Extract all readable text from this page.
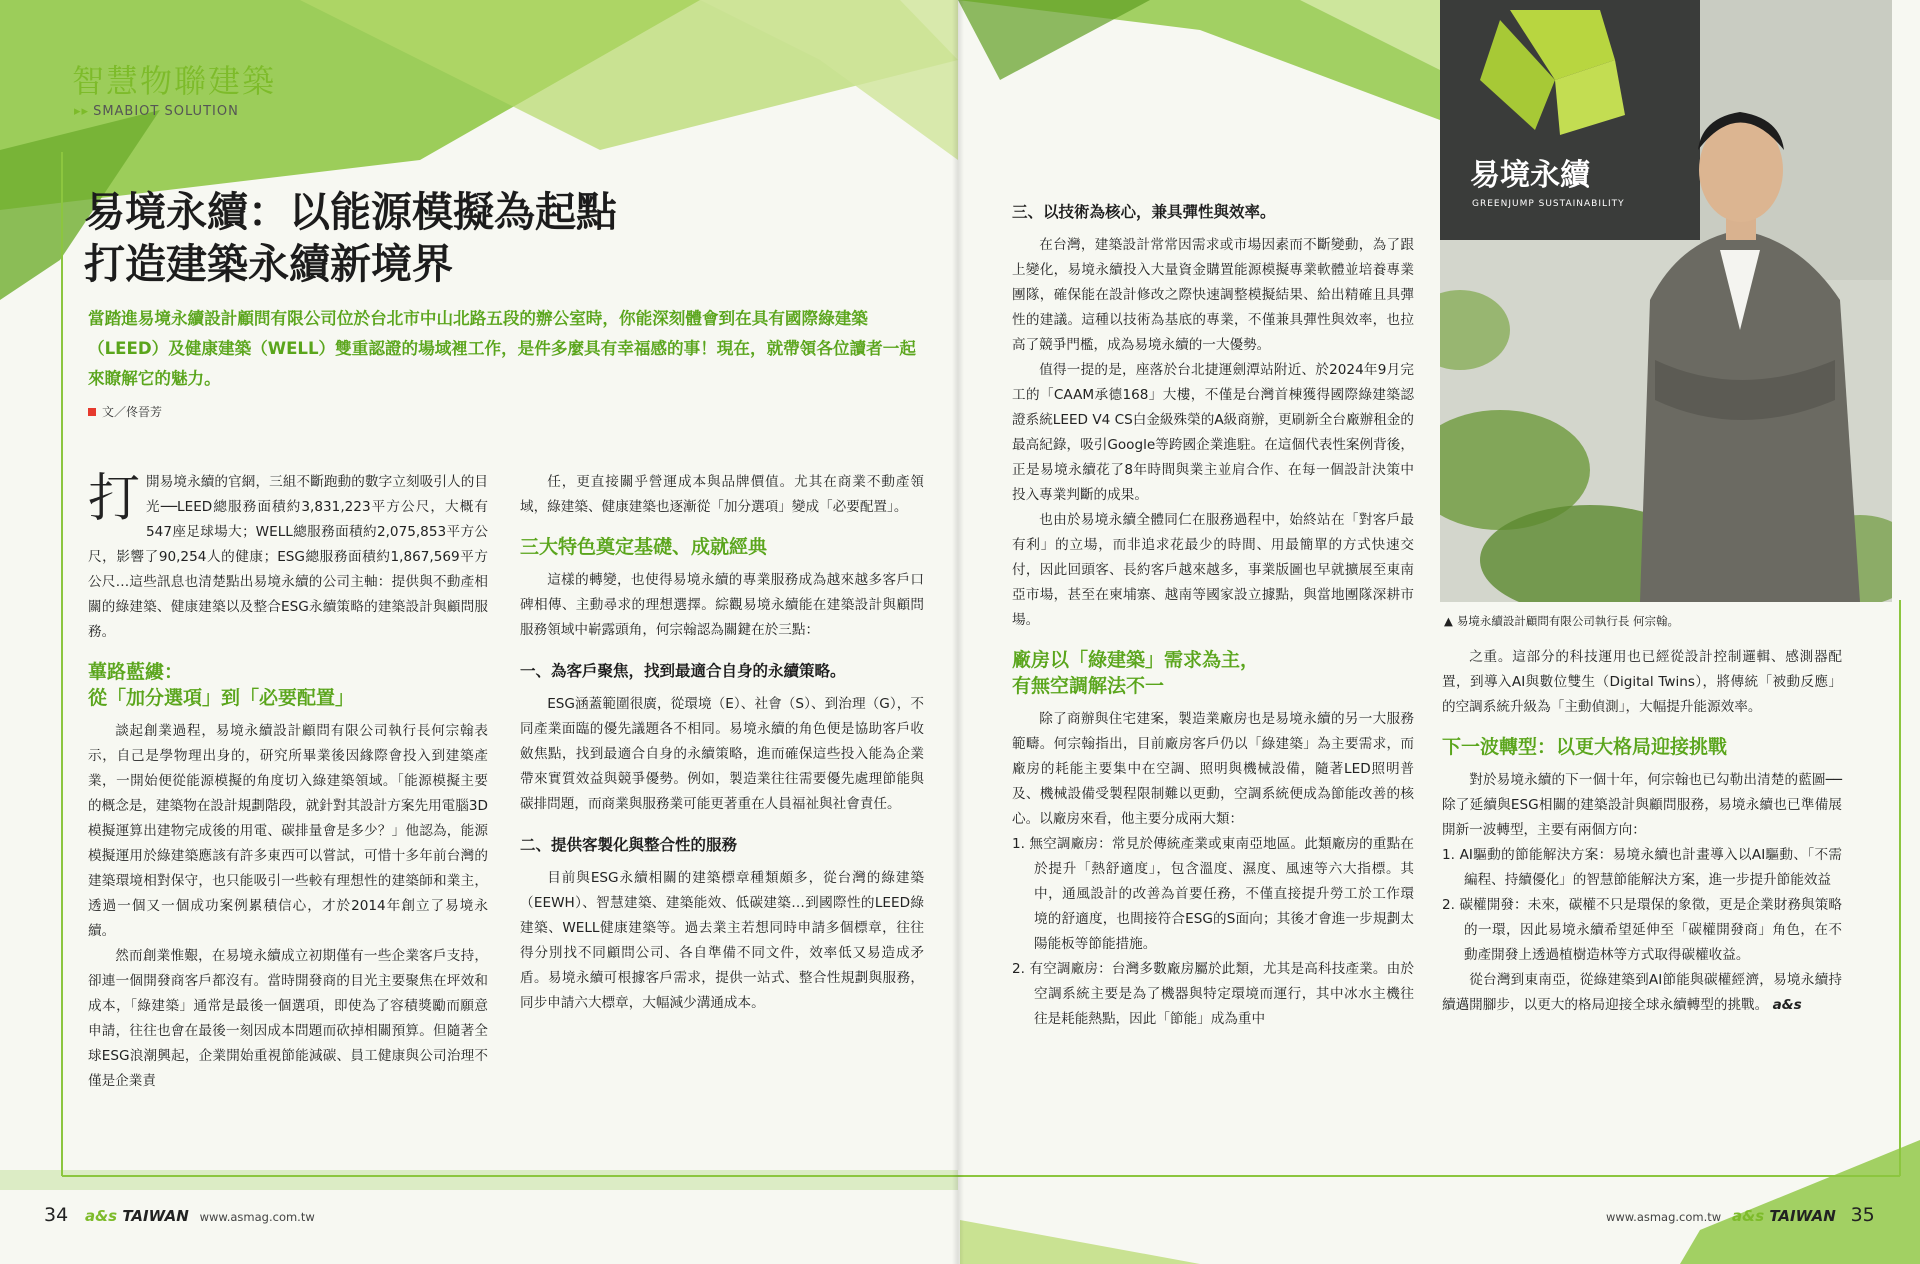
智慧物聯建築
▸▸ SMABIOT SOLUTION
易境永續：以能源模擬為起點
打造建築永續新境界

當踏進易境永續設計顧問有限公司位於台北市中山北路五段的辦公室時，你能深刻體會到在具有國際綠建築（LEED）及健康建築（WELL）雙重認證的場域裡工作，是件多麼具有幸福感的事！現在，就帶領各位讀者一起來瞭解它的魅力。

文／佟晉芳

打開易境永續的官網，三組不斷跑動的數字立刻吸引人的目光──LEED總服務面積約3,831,223平方公尺，大概有547座足球場大；WELL總服務面積約2,075,853平方公尺，影響了90,254人的健康；ESG總服務面積約1,867,569平方公尺…這些訊息也清楚點出易境永續的公司主軸：提供與不動產相關的綠建築、健康建築以及整合ESG永續策略的建築設計與顧問服務。

蓽路藍縷：
從「加分選項」到「必要配置」

談起創業過程，易境永續設計顧問有限公司執行長何宗翰表示，自己是學物理出身的，研究所畢業後因緣際會投入到建築產業，一開始便從能源模擬的角度切入綠建築領域。「能源模擬主要的概念是，建築物在設計規劃階段，就針對其設計方案先用電腦3D模擬運算出建物完成後的用電、碳排量會是多少？」他認為，能源模擬運用於綠建築應該有許多東西可以嘗試，可惜十多年前台灣的建築環境相對保守，也只能吸引一些較有理想性的建築師和業主，透過一個又一個成功案例累積信心，才於2014年創立了易境永續。

然而創業惟艱，在易境永續成立初期僅有一些企業客戶支持，卻連一個開發商客戶都沒有。當時開發商的目光主要聚焦在坪效和成本，「綠建築」通常是最後一個選項，即使為了容積獎勵而願意申請，往往也會在最後一刻因成本問題而砍掉相關預算。但隨著全球ESG浪潮興起，企業開始重視節能減碳、員工健康與公司治理不僅是企業責

任，更直接關乎營運成本與品牌價值。尤其在商業不動產領域，綠建築、健康建築也逐漸從「加分選項」變成「必要配置」。

三大特色奠定基礎、成就經典

這樣的轉變，也使得易境永續的專業服務成為越來越多客戶口碑相傳、主動尋求的理想選擇。綜觀易境永續能在建築設計與顧問服務領域中嶄露頭角，何宗翰認為關鍵在於三點：

一、為客戶聚焦，找到最適合自身的永續策略。

ESG涵蓋範圍很廣，從環境（E）、社會（S）、到治理（G），不同產業面臨的優先議題各不相同。易境永續的角色便是協助客戶收斂焦點，找到最適合自身的永續策略，進而確保這些投入能為企業帶來實質效益與競爭優勢。例如，製造業往往需要優先處理節能與碳排問題，而商業與服務業可能更著重在人員福祉與社會責任。

二、提供客製化與整合性的服務

目前與ESG永續相關的建築標章種類頗多，從台灣的綠建築（EEWH）、智慧建築、建築能效、低碳建築…到國際性的LEED綠建築、WELL健康建築等。過去業主若想同時申請多個標章，往往得分別找不同顧問公司、各自準備不同文件，效率低又易造成矛盾。易境永續可根據客戶需求，提供一站式、整合性規劃與服務，同步申請六大標章，大幅減少溝通成本。

三、以技術為核心，兼具彈性與效率。

在台灣，建築設計常常因需求或市場因素而不斷變動，為了跟上變化，易境永續投入大量資金購置能源模擬專業軟體並培養專業團隊，確保能在設計修改之際快速調整模擬結果、給出精確且具彈性的建議。這種以技術為基底的專業，不僅兼具彈性與效率，也拉高了競爭門檻，成為易境永續的一大優勢。

值得一提的是，座落於台北捷運劍潭站附近、於2024年9月完工的「CAAM承德168」大樓，不僅是台灣首棟獲得國際綠建築認證系統LEED V4 CS白金級殊榮的A級商辦，更刷新全台廠辦租金的最高紀錄，吸引Google等跨國企業進駐。在這個代表性案例背後，正是易境永續花了8年時間與業主並肩合作、在每一個設計決策中投入專業判斷的成果。

也由於易境永續全體同仁在服務過程中，始終站在「對客戶最有利」的立場，而非追求花最少的時間、用最簡單的方式快速交付，因此回頭客、長約客戶越來越多，事業版圖也早就擴展至東南亞市場，甚至在柬埔寨、越南等國家設立據點，與當地團隊深耕市場。

廠房以「綠建築」需求為主，
有無空調解法不一

除了商辦與住宅建案，製造業廠房也是易境永續的另一大服務範疇。何宗翰指出，目前廠房客戶仍以「綠建築」為主要需求，而廠房的耗能主要集中在空調、照明與機械設備，隨著LED照明普及、機械設備受製程限制難以更動，空調系統便成為節能改善的核心。以廠房來看，他主要分成兩大類：

1. 無空調廠房：常見於傳統產業或東南亞地區。此類廠房的重點在於提升「熱舒適度」，包含溫度、濕度、風速等六大指標。其中，通風設計的改善為首要任務，不僅直接提升勞工於工作環境的舒適度，也間接符合ESG的S面向；其後才會進一步規劃太陽能板等節能措施。

2. 有空調廠房：台灣多數廠房屬於此類，尤其是高科技產業。由於空調系統主要是為了機器與特定環境而運行，其中冰水主機往往是耗能熱點，因此「節能」成為重中

易境永續
GREENJUMP SUSTAINABILITY
▲ 易境永續設計顧問有限公司執行長 何宗翰。

之重。這部分的科技運用也已經從設計控制邏輯、感測器配置，到導入AI與數位雙生（Digital Twins），將傳統「被動反應」的空調系統升級為「主動偵測」，大幅提升能源效率。

下一波轉型：以更大格局迎接挑戰

對於易境永續的下一個十年，何宗翰也已勾勒出清楚的藍圖──除了延續與ESG相關的建築設計與顧問服務，易境永續也已準備展開新一波轉型，主要有兩個方向：

1. AI驅動的節能解決方案：易境永續也計畫導入以AI驅動、「不需編程、持續優化」的智慧節能解決方案，進一步提升節能效益

2. 碳權開發：未來，碳權不只是環保的象徵，更是企業財務與策略的一環，因此易境永續希望延伸至「碳權開發商」角色，在不動產開發上透過植樹造林等方式取得碳權收益。

從台灣到東南亞，從綠建築到AI節能與碳權經濟，易境永續持續邁開腳步，以更大的格局迎接全球永續轉型的挑戰。 a&s

34 a&s TAIWAN www.asmag.com.tw	www.asmag.com.tw a&s TAIWAN 35
